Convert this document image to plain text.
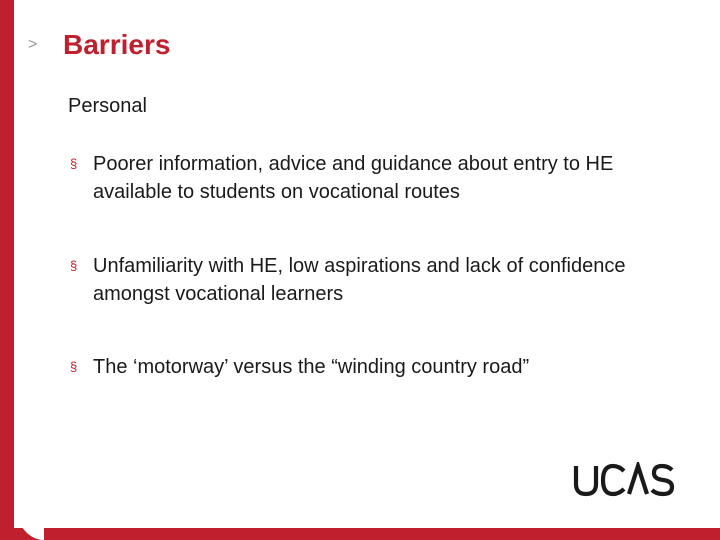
> Barriers
Personal
§ Poorer information, advice and guidance about entry to HE available to students on vocational routes
§ Unfamiliarity with HE, low aspirations and lack of confidence amongst vocational learners
§ The ‘motorway’ versus the “winding country road”
